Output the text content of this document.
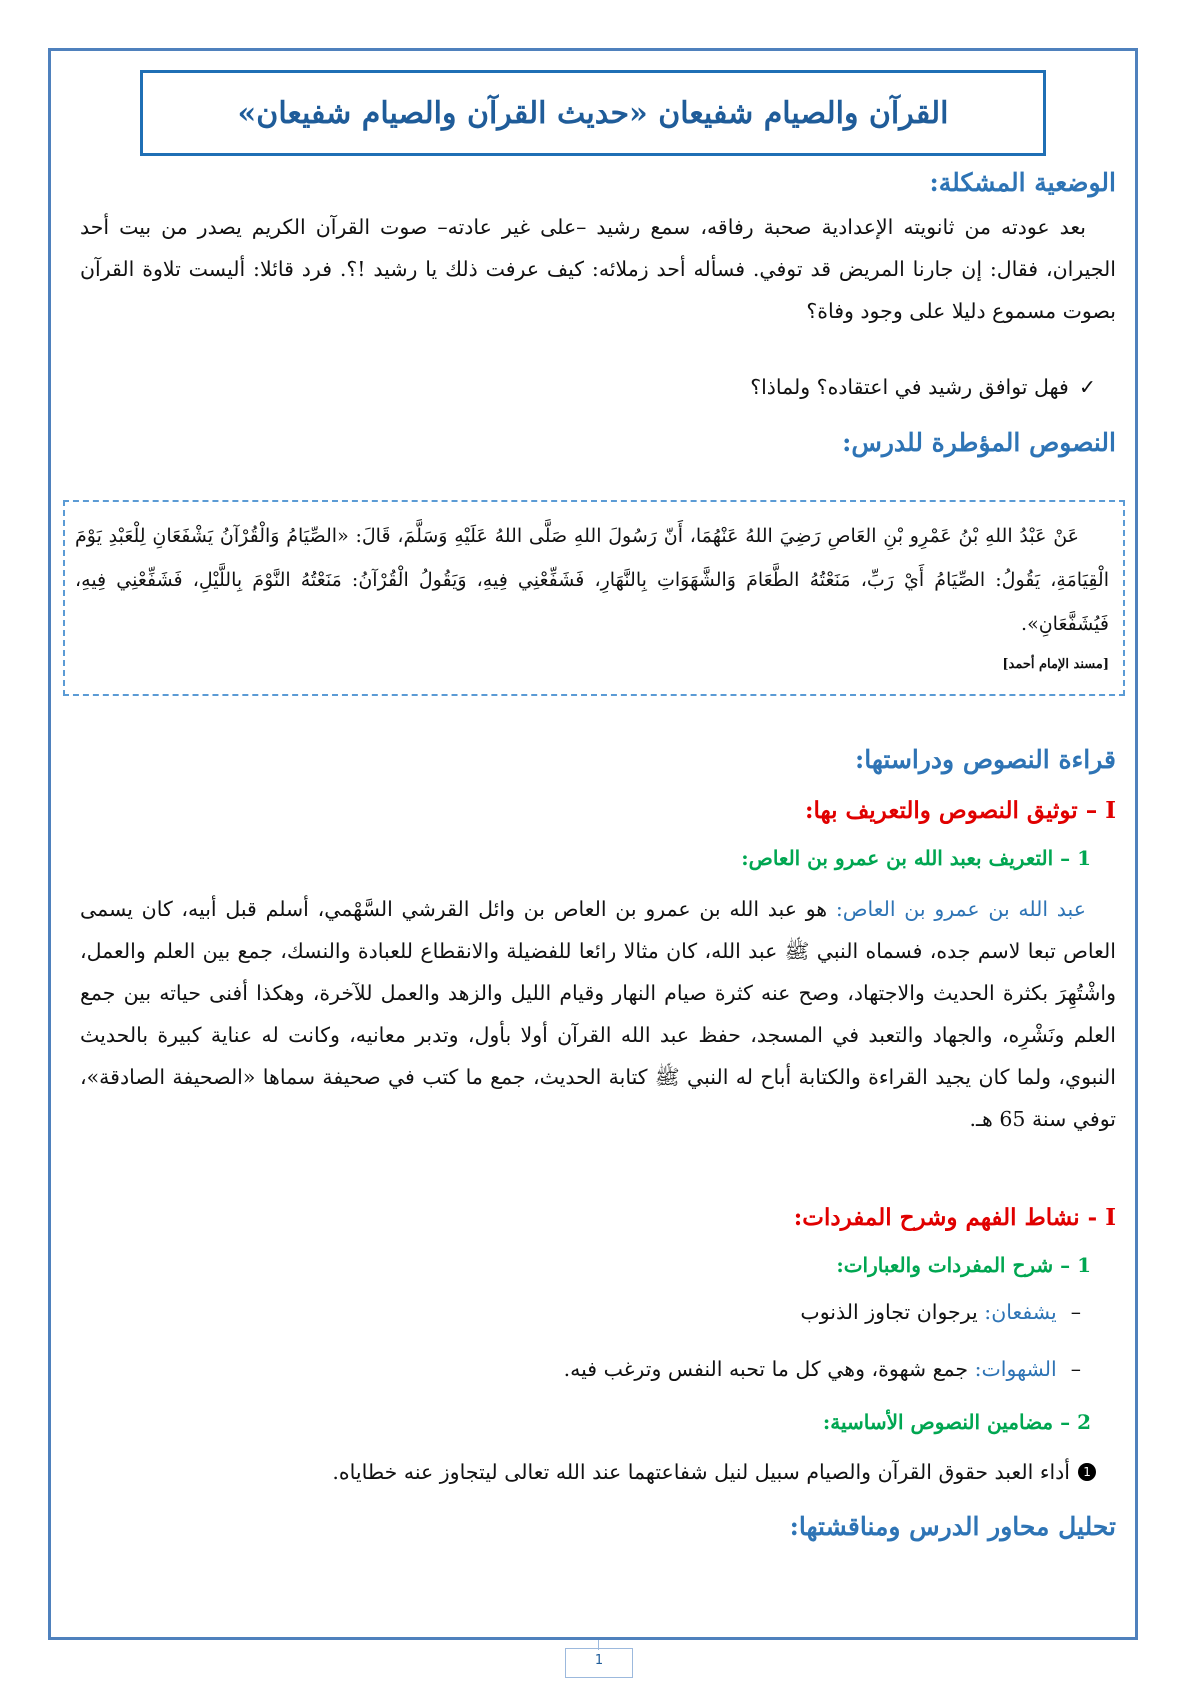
القرآن والصيام شفيعان «حديث القرآن والصيام شفيعان»
الوضعية المشكلة:

بعد عودته من ثانويته الإعدادية صحبة رفاقه، سمع رشيد –على غير عادته– صوت القرآن الكريم يصدر من بيت أحد الجيران، فقال: إن جارنا المريض قد توفي. فسأله أحد زملائه: كيف عرفت ذلك يا رشيد !؟. فرد قائلا: أليست تلاوة القرآن بصوت مسموع دليلا على وجود وفاة؟

✓
فهل توافق رشيد في اعتقاده؟ ولماذا؟
النصوص المؤطرة للدرس:

عَنْ عَبْدُ اللهِ بْنُ عَمْرِو بْنِ العَاصِ رَضِيَ اللهُ عَنْهُمَا، أَنّ رَسُولَ اللهِ صَلَّى اللهُ عَلَيْهِ وَسَلَّمَ، قَالَ: «الصِّيَامُ وَالْقُرْآنُ يَشْفَعَانِ لِلْعَبْدِ يَوْمَ الْقِيَامَةِ، يَقُولُ: الصِّيَامُ أَيْ رَبِّ، مَنَعْتُهُ الطَّعَامَ وَالشَّهَوَاتِ بِالنَّهَارِ، فَشَفِّعْنِي فِيهِ، وَيَقُولُ الْقُرْآنُ: مَنَعْتُهُ النَّوْمَ بِاللَّيْلِ، فَشَفِّعْنِي فِيهِ، فَيُشَفَّعَانِ».

[مسند الإمام أحمد]

قراءة النصوص ودراستها:
I – توثيق النصوص والتعريف بها:
1 – التعريف بعبد الله بن عمرو بن العاص:

عبد الله بن عمرو بن العاص: هو عبد الله بن عمرو بن العاص بن وائل القرشي السَّهْمي، أسلم قبل أبيه، كان يسمى العاص تبعا لاسم جده، فسماه النبي ﷺ عبد الله، كان مثالا رائعا للفضيلة والانقطاع للعبادة والنسك، جمع بين العلم والعمل، واشْتُهِرَ بكثرة الحديث والاجتهاد، وصح عنه كثرة صيام النهار وقيام الليل والزهد والعمل للآخرة، وهكذا أفنى حياته بين جمع العلم ونَشْرِه، والجهاد والتعبد في المسجد، حفظ عبد الله القرآن أولا بأول، وتدبر معانيه، وكانت له عناية كبيرة بالحديث النبوي، ولما كان يجيد القراءة والكتابة أباح له النبي ﷺ كتابة الحديث، جمع ما كتب في صحيفة سماها «الصحيفة الصادقة»، توفي سنة 65 هـ.

I - نشاط الفهم وشرح المفردات:
1 – شرح المفردات والعبارات:
–
يشفعان: يرجوان تجاوز الذنوب
–
الشهوات: جمع شهوة، وهي كل ما تحبه النفس وترغب فيه.
2 – مضامين النصوص الأساسية:
1
أداء العبد حقوق القرآن والصيام سبيل لنيل شفاعتهما عند الله تعالى ليتجاوز عنه خطاياه.
تحليل محاور الدرس ومناقشتها:
1
